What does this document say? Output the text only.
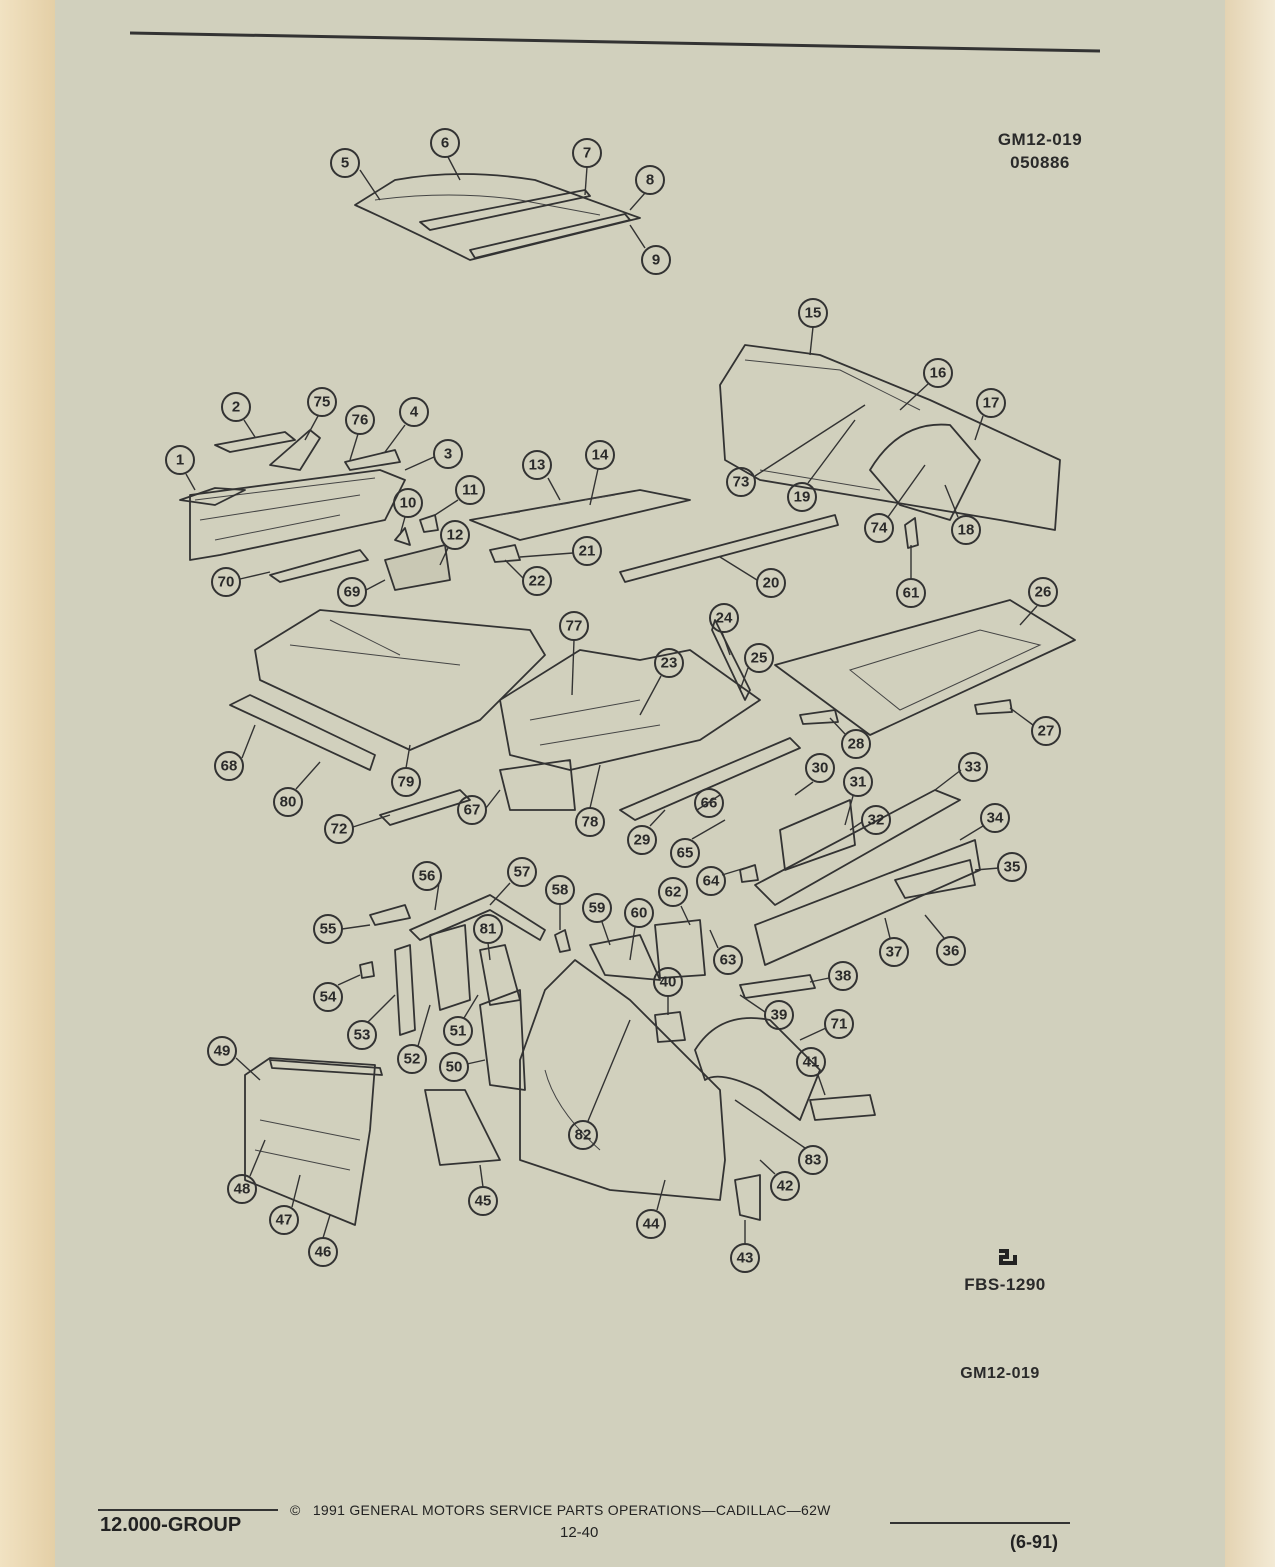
GM12-019
050886
1
2
3
4
5
6
7
8
9
10
11
12
13
14
15
16
17
18
19
20
21
22
23
24
25
26
27
28
29
30
31
32
33
34
35
36
37
38
39
40
41
42
43
44
45
46
47
48
49
50
51
52
53
54
55
56	57
58
59 60
61
62
63
64
65
66
67
68
69
70
71
72
73
74
75
76
77
78
79
80
81
82
83
FBS-1290
GM12-019
12.000-GROUP
© 1991 GENERAL MOTORS SERVICE PARTS OPERATIONS—CADILLAC—62W
12-40	(6-91)
